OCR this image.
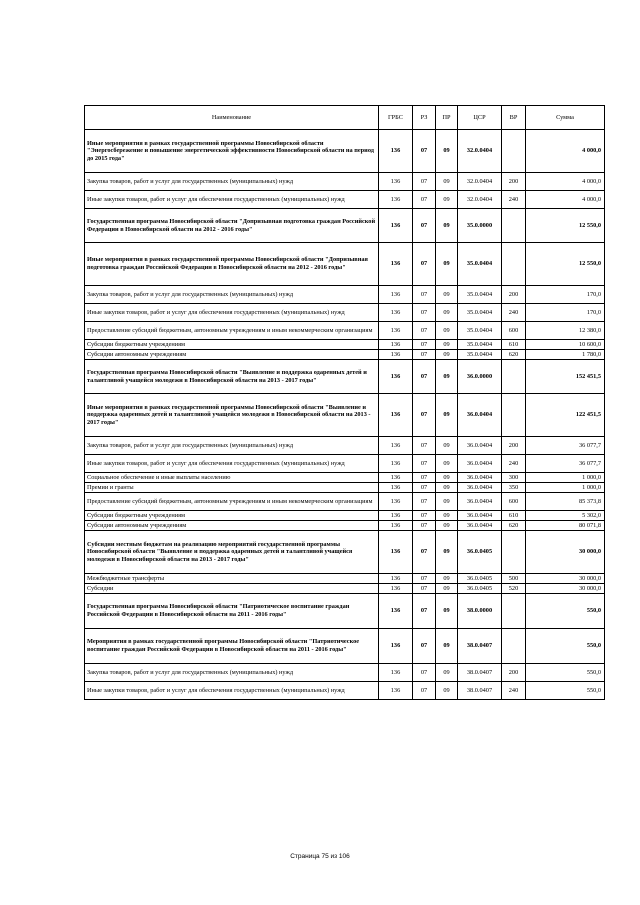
Наименование	ГРБС	РЗ	ПР	ЦСР	ВР	Сумма
Иные мероприятия в рамках государственной программы Новосибирской области "Энергосбережение и повышение энергетической эффективности Новосибирской области на период до 2015 года"	136	07	09	32.0.0404		4 000,0
Закупка товаров, работ и услуг для государственных (муниципальных) нужд	136	07	09	32.0.0404	200	4 000,0
Иные закупки товаров, работ и услуг для обеспечения государственных (муниципальных) нужд	136	07	09	32.0.0404	240	4 000,0
Государственная программа Новосибирской области "Допризывная подготовка граждан Российской Федерации в Новосибирской области на 2012 - 2016 годы"	136	07	09	35.0.0000		12 550,0
Иные мероприятия в рамках государственной программы Новосибирской области "Допризывная подготовка граждан Российской Федерации в Новосибирской области на 2012 - 2016 годы"	136	07	09	35.0.0404		12 550,0
Закупка товаров, работ и услуг для государственных (муниципальных) нужд	136	07	09	35.0.0404	200	170,0
Иные закупки товаров, работ и услуг для обеспечения государственных (муниципальных) нужд	136	07	09	35.0.0404	240	170,0
Предоставление субсидий бюджетным, автономным учреждениям и иным некоммерческим организациям	136	07	09	35.0.0404	600	12 380,0
Субсидии бюджетным учреждениям	136	07	09	35.0.0404	610	10 600,0
Субсидии автономным учреждениям	136	07	09	35.0.0404	620	1 780,0
Государственная программа Новосибирской области "Выявление и поддержка одаренных детей и талантливой учащейся молодежи в Новосибирской области на 2013 - 2017 годы"	136	07	09	36.0.0000		152 451,5
Иные мероприятия в рамках государственной программы Новосибирской области "Выявление и поддержка одаренных детей и талантливой учащейся молодежи в Новосибирской области на 2013 - 2017 годы"	136	07	09	36.0.0404		122 451,5
Закупка товаров, работ и услуг для государственных (муниципальных) нужд	136	07	09	36.0.0404	200	36 077,7
Иные закупки товаров, работ и услуг для обеспечения государственных (муниципальных) нужд	136	07	09	36.0.0404	240	36 077,7
Социальное обеспечение и иные выплаты населению	136	07	09	36.0.0404	300	1 000,0
Премии и гранты	136	07	09	36.0.0404	350	1 000,0
Предоставление субсидий бюджетным, автономным учреждениям и иным некоммерческим организациям	136	07	09	36.0.0404	600	85 373,8
Субсидии бюджетным учреждениям	136	07	09	36.0.0404	610	5 302,0
Субсидии автономным учреждениям	136	07	09	36.0.0404	620	80 071,8
Субсидии местным бюджетам на реализацию мероприятий государственной программы Новосибирской области "Выявление и поддержка одаренных детей и талантливой учащейся молодежи в Новосибирской области на 2013 - 2017 годы"	136	07	09	36.0.0405		30 000,0
Межбюджетные трансферты	136	07	09	36.0.0405	500	30 000,0
Субсидии	136	07	09	36.0.0405	520	30 000,0
Государственная программа Новосибирской области "Патриотическое воспитание граждан Российской Федерации в Новосибирской области на 2011 - 2016 годы"	136	07	09	38.0.0000		550,0
Мероприятия в рамках государственной программы Новосибирской области "Патриотическое воспитание граждан Российской Федерации в Новосибирской области на 2011 - 2016 годы"	136	07	09	38.0.0407		550,0
Закупка товаров, работ и услуг для государственных (муниципальных) нужд	136	07	09	38.0.0407	200	550,0
Иные закупки товаров, работ и услуг для обеспечения государственных (муниципальных) нужд	136	07	09	38.0.0407	240	550,0
Страница 75 из 106
